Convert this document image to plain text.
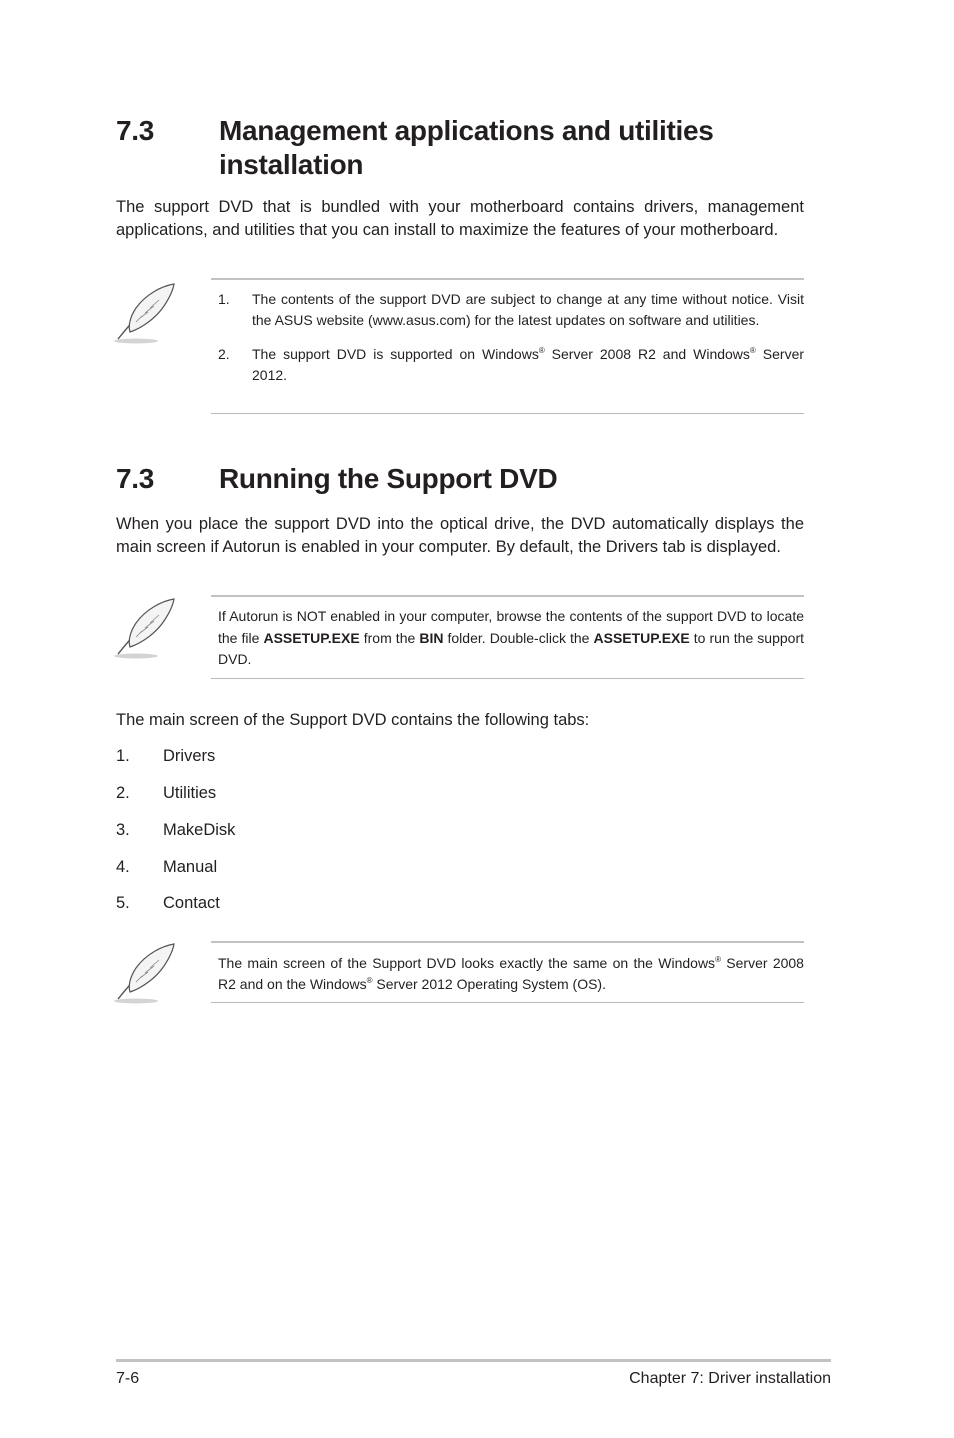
7.3 Management applications and utilities installation

The support DVD that is bundled with your motherboard contains drivers, management applications, and utilities that you can install to maximize the features of your motherboard.

1. The contents of the support DVD are subject to change at any time without notice. Visit the ASUS website (www.asus.com) for the latest updates on software and utilities.
2. The support DVD is supported on Windows® Server 2008 R2 and Windows® Server 2012.
7.3 Running the Support DVD

When you place the support DVD into the optical drive, the DVD automatically displays the main screen if Autorun is enabled in your computer. By default, the Drivers tab is displayed.

If Autorun is NOT enabled in your computer, browse the contents of the support DVD to locate the file ASSETUP.EXE from the BIN folder. Double-click the ASSETUP.EXE to run the support DVD.
The main screen of the Support DVD contains the following tabs:
1. Drivers
2. Utilities
3. MakeDisk
4. Manual
5. Contact
The main screen of the Support DVD looks exactly the same on the Windows® Server 2008 R2 and on the Windows® Server 2012 Operating System (OS).
7-6	Chapter 7: Driver installation
